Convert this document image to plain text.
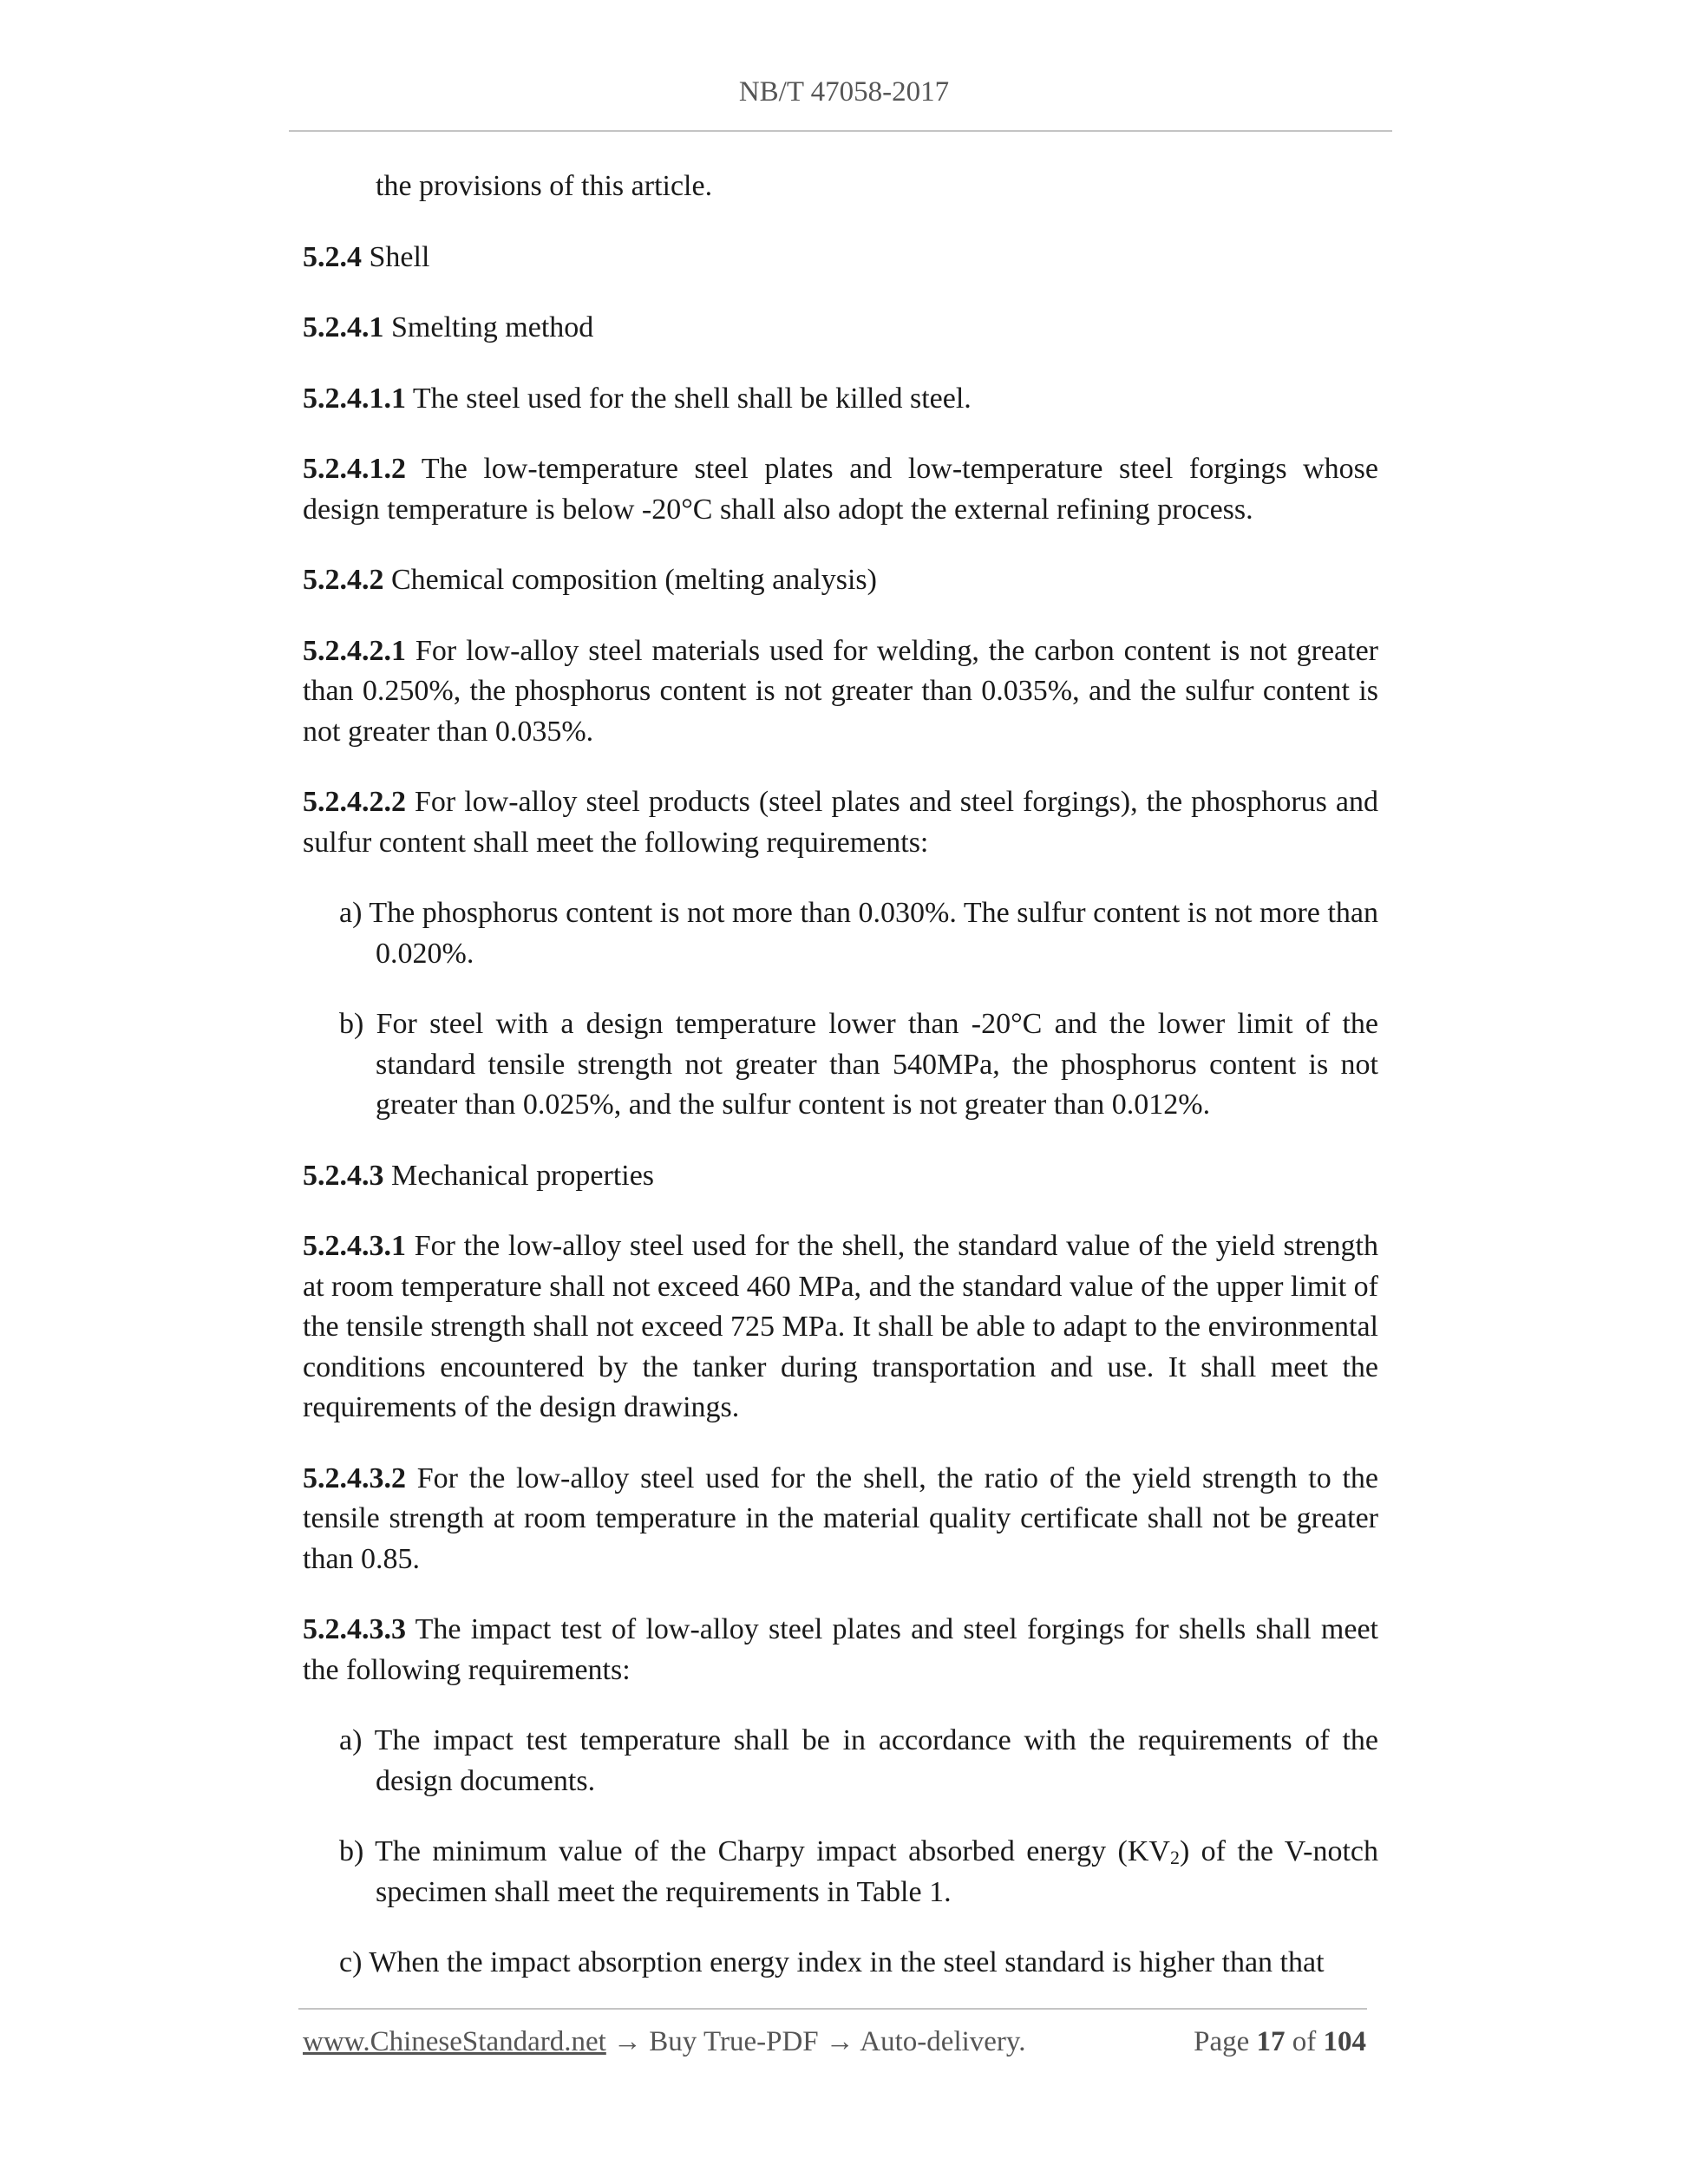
NB/T 47058-2017

the provisions of this article.

5.2.4 Shell

5.2.4.1 Smelting method

5.2.4.1.1 The steel used for the shell shall be killed steel.

5.2.4.1.2 The low-temperature steel plates and low-temperature steel forgings whose design temperature is below -20°C shall also adopt the external refining process.

5.2.4.2 Chemical composition (melting analysis)

5.2.4.2.1 For low-alloy steel materials used for welding, the carbon content is not greater than 0.250%, the phosphorus content is not greater than 0.035%, and the sulfur content is not greater than 0.035%.

5.2.4.2.2 For low-alloy steel products (steel plates and steel forgings), the phosphorus and sulfur content shall meet the following requirements:

a) The phosphorus content is not more than 0.030%. The sulfur content is not more than 0.020%.

b) For steel with a design temperature lower than -20°C and the lower limit of the standard tensile strength not greater than 540MPa, the phosphorus content is not greater than 0.025%, and the sulfur content is not greater than 0.012%.

5.2.4.3 Mechanical properties

5.2.4.3.1 For the low-alloy steel used for the shell, the standard value of the yield strength at room temperature shall not exceed 460 MPa, and the standard value of the upper limit of the tensile strength shall not exceed 725 MPa. It shall be able to adapt to the environmental conditions encountered by the tanker during transportation and use. It shall meet the requirements of the design drawings.

5.2.4.3.2 For the low-alloy steel used for the shell, the ratio of the yield strength to the tensile strength at room temperature in the material quality certificate shall not be greater than 0.85.

5.2.4.3.3 The impact test of low-alloy steel plates and steel forgings for shells shall meet the following requirements:

a) The impact test temperature shall be in accordance with the requirements of the design documents.

b) The minimum value of the Charpy impact absorbed energy $(KV_2)$ of the V-notch specimen shall meet the requirements in Table 1.

c) When the impact absorption energy index in the steel standard is higher than that

www.ChineseStandard.net → Buy True-PDF → Auto-delivery.	Page 17 of 104
